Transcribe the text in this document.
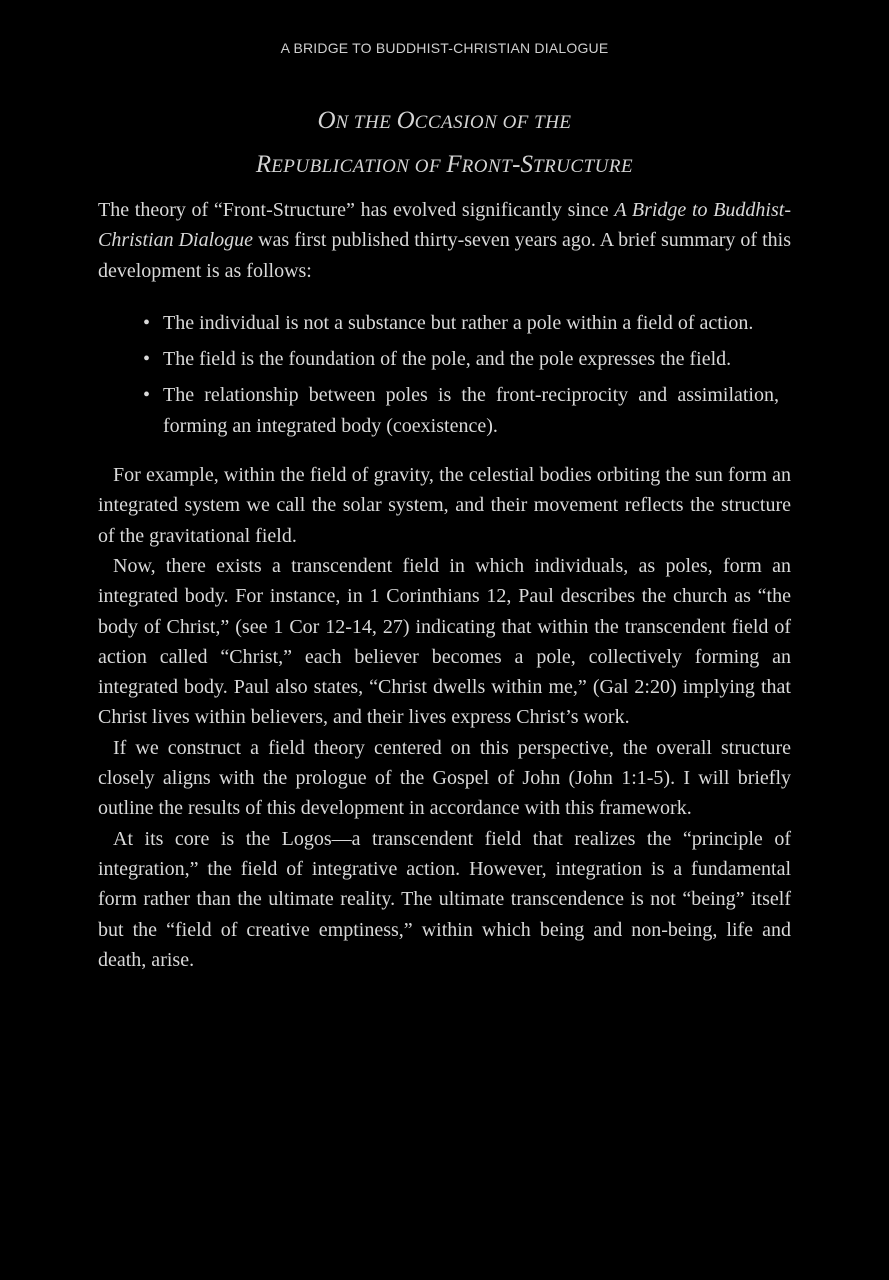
A BRIDGE TO BUDDHIST-CHRISTIAN DIALOGUE
ON THE OCCASION OF THE
REPUBLICATION OF FRONT-STRUCTURE

The theory of “Front-Structure” has evolved significantly since A Bridge to Buddhist-Christian Dialogue was first published thirty-seven years ago. A brief summary of this development is as follows:

• The individual is not a substance but rather a pole within a field of action.
• The field is the foundation of the pole, and the pole expresses the field.
• The relationship between poles is the front-reciprocity and assimilation, forming an integrated body (coexistence).

For example, within the field of gravity, the celestial bodies orbiting the sun form an integrated system we call the solar system, and their movement reflects the structure of the gravitational field.

Now, there exists a transcendent field in which individuals, as poles, form an integrated body. For instance, in 1 Corinthians 12, Paul describes the church as “the body of Christ,” (see 1 Cor 12-14, 27) indicating that within the transcendent field of action called “Christ,” each believer becomes a pole, collectively forming an integrated body. Paul also states, “Christ dwells within me,” (Gal 2:20) implying that Christ lives within believers, and their lives express Christ’s work.

If we construct a field theory centered on this perspective, the overall structure closely aligns with the prologue of the Gospel of John (John 1:1-5). I will briefly outline the results of this development in accordance with this framework.

At its core is the Logos—a transcendent field that realizes the “principle of integration,” the field of integrative action. However, integration is a fundamental form rather than the ultimate reality. The ultimate transcendence is not “being” itself but the “field of creative emptiness,” within which being and non-being, life and death, arise.
